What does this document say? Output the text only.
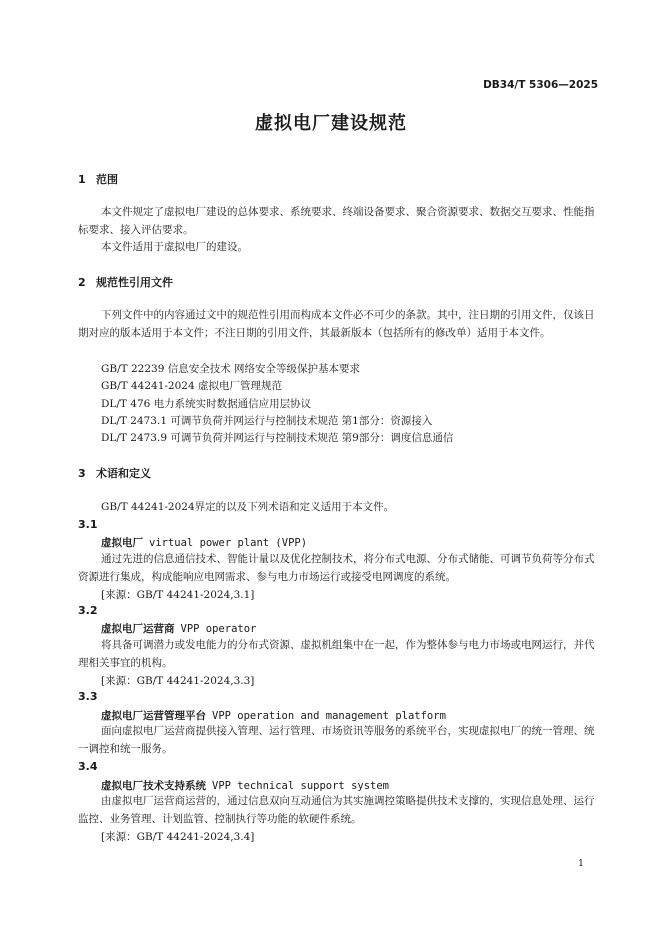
DB34/T 5306—2025
虚拟电厂建设规范
1 范围
本文件规定了虚拟电厂建设的总体要求、系统要求、终端设备要求、聚合资源要求、数据交互要求、性能指标要求、接入评估要求。
本文件适用于虚拟电厂的建设。
2 规范性引用文件
下列文件中的内容通过文中的规范性引用而构成本文件必不可少的条款。其中，注日期的引用文件，仅该日期对应的版本适用于本文件；不注日期的引用文件，其最新版本（包括所有的修改单）适用于本文件。
GB/T 22239 信息安全技术 网络安全等级保护基本要求
GB/T 44241-2024 虚拟电厂管理规范
DL/T 476 电力系统实时数据通信应用层协议
DL/T 2473.1 可调节负荷并网运行与控制技术规范 第1部分：资源接入
DL/T 2473.9 可调节负荷并网运行与控制技术规范 第9部分：调度信息通信
3 术语和定义
GB/T 44241-2024界定的以及下列术语和定义适用于本文件。
3.1
虚拟电厂 virtual power plant (VPP)
通过先进的信息通信技术、智能计量以及优化控制技术，将分布式电源、分布式储能、可调节负荷等分布式资源进行集成，构成能响应电网需求、参与电力市场运行或接受电网调度的系统。
[来源：GB/T 44241-2024,3.1]
3.2
虚拟电厂运营商 VPP operator
将具备可调潜力或发电能力的分布式资源、虚拟机组集中在一起，作为整体参与电力市场或电网运行，并代理相关事宜的机构。
[来源：GB/T 44241-2024,3.3]
3.3
虚拟电厂运营管理平台 VPP operation and management platform
面向虚拟电厂运营商提供接入管理、运行管理、市场资讯等服务的系统平台，实现虚拟电厂的统一管理、统一调控和统一服务。
3.4
虚拟电厂技术支持系统 VPP technical support system
由虚拟电厂运营商运营的，通过信息双向互动通信为其实施调控策略提供技术支撑的，实现信息处理、运行监控、业务管理、计划监管、控制执行等功能的软硬件系统。
[来源：GB/T 44241-2024,3.4]
1
